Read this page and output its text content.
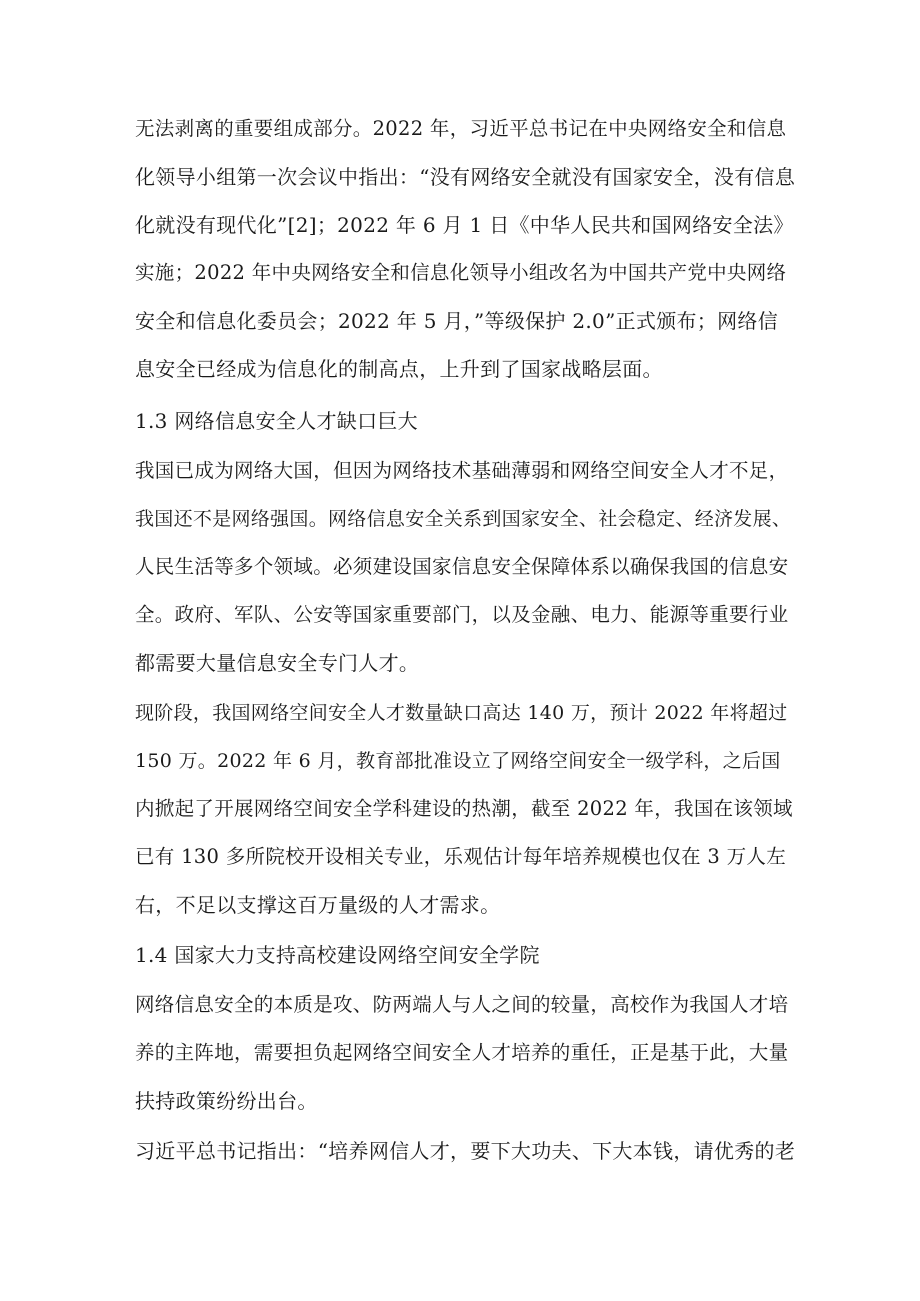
无法剥离的重要组成部分。2022 年，习近平总书记在中央网络安全和信息
化领导小组第一次会议中指出：“没有网络安全就没有国家安全，没有信息
化就没有现代化”[2]；2022 年 6 月 1 日《中华人民共和国网络安全法》
实施；2022 年中央网络安全和信息化领导小组改名为中国共产党中央网络
安全和信息化委员会；2022 年 5 月，”等级保护 2.0”正式颁布；网络信
息安全已经成为信息化的制高点，上升到了国家战略层面。
1.3 网络信息安全人才缺口巨大
我国已成为网络大国，但因为网络技术基础薄弱和网络空间安全人才不足，
我国还不是网络强国。网络信息安全关系到国家安全、社会稳定、经济发展、
人民生活等多个领域。必须建设国家信息安全保障体系以确保我国的信息安
全。政府、军队、公安等国家重要部门，以及金融、电力、能源等重要行业
都需要大量信息安全专门人才。
现阶段，我国网络空间安全人才数量缺口高达 140 万，预计 2022 年将超过
150 万。2022 年 6 月，教育部批准设立了网络空间安全一级学科，之后国
内掀起了开展网络空间安全学科建设的热潮，截至 2022 年，我国在该领域
已有 130 多所院校开设相关专业，乐观估计每年培养规模也仅在 3 万人左
右，不足以支撑这百万量级的人才需求。
1.4 国家大力支持高校建设网络空间安全学院
网络信息安全的本质是攻、防两端人与人之间的较量，高校作为我国人才培
养的主阵地，需要担负起网络空间安全人才培养的重任，正是基于此，大量
扶持政策纷纷出台。
习近平总书记指出：“培养网信人才，要下大功夫、下大本钱，请优秀的老
